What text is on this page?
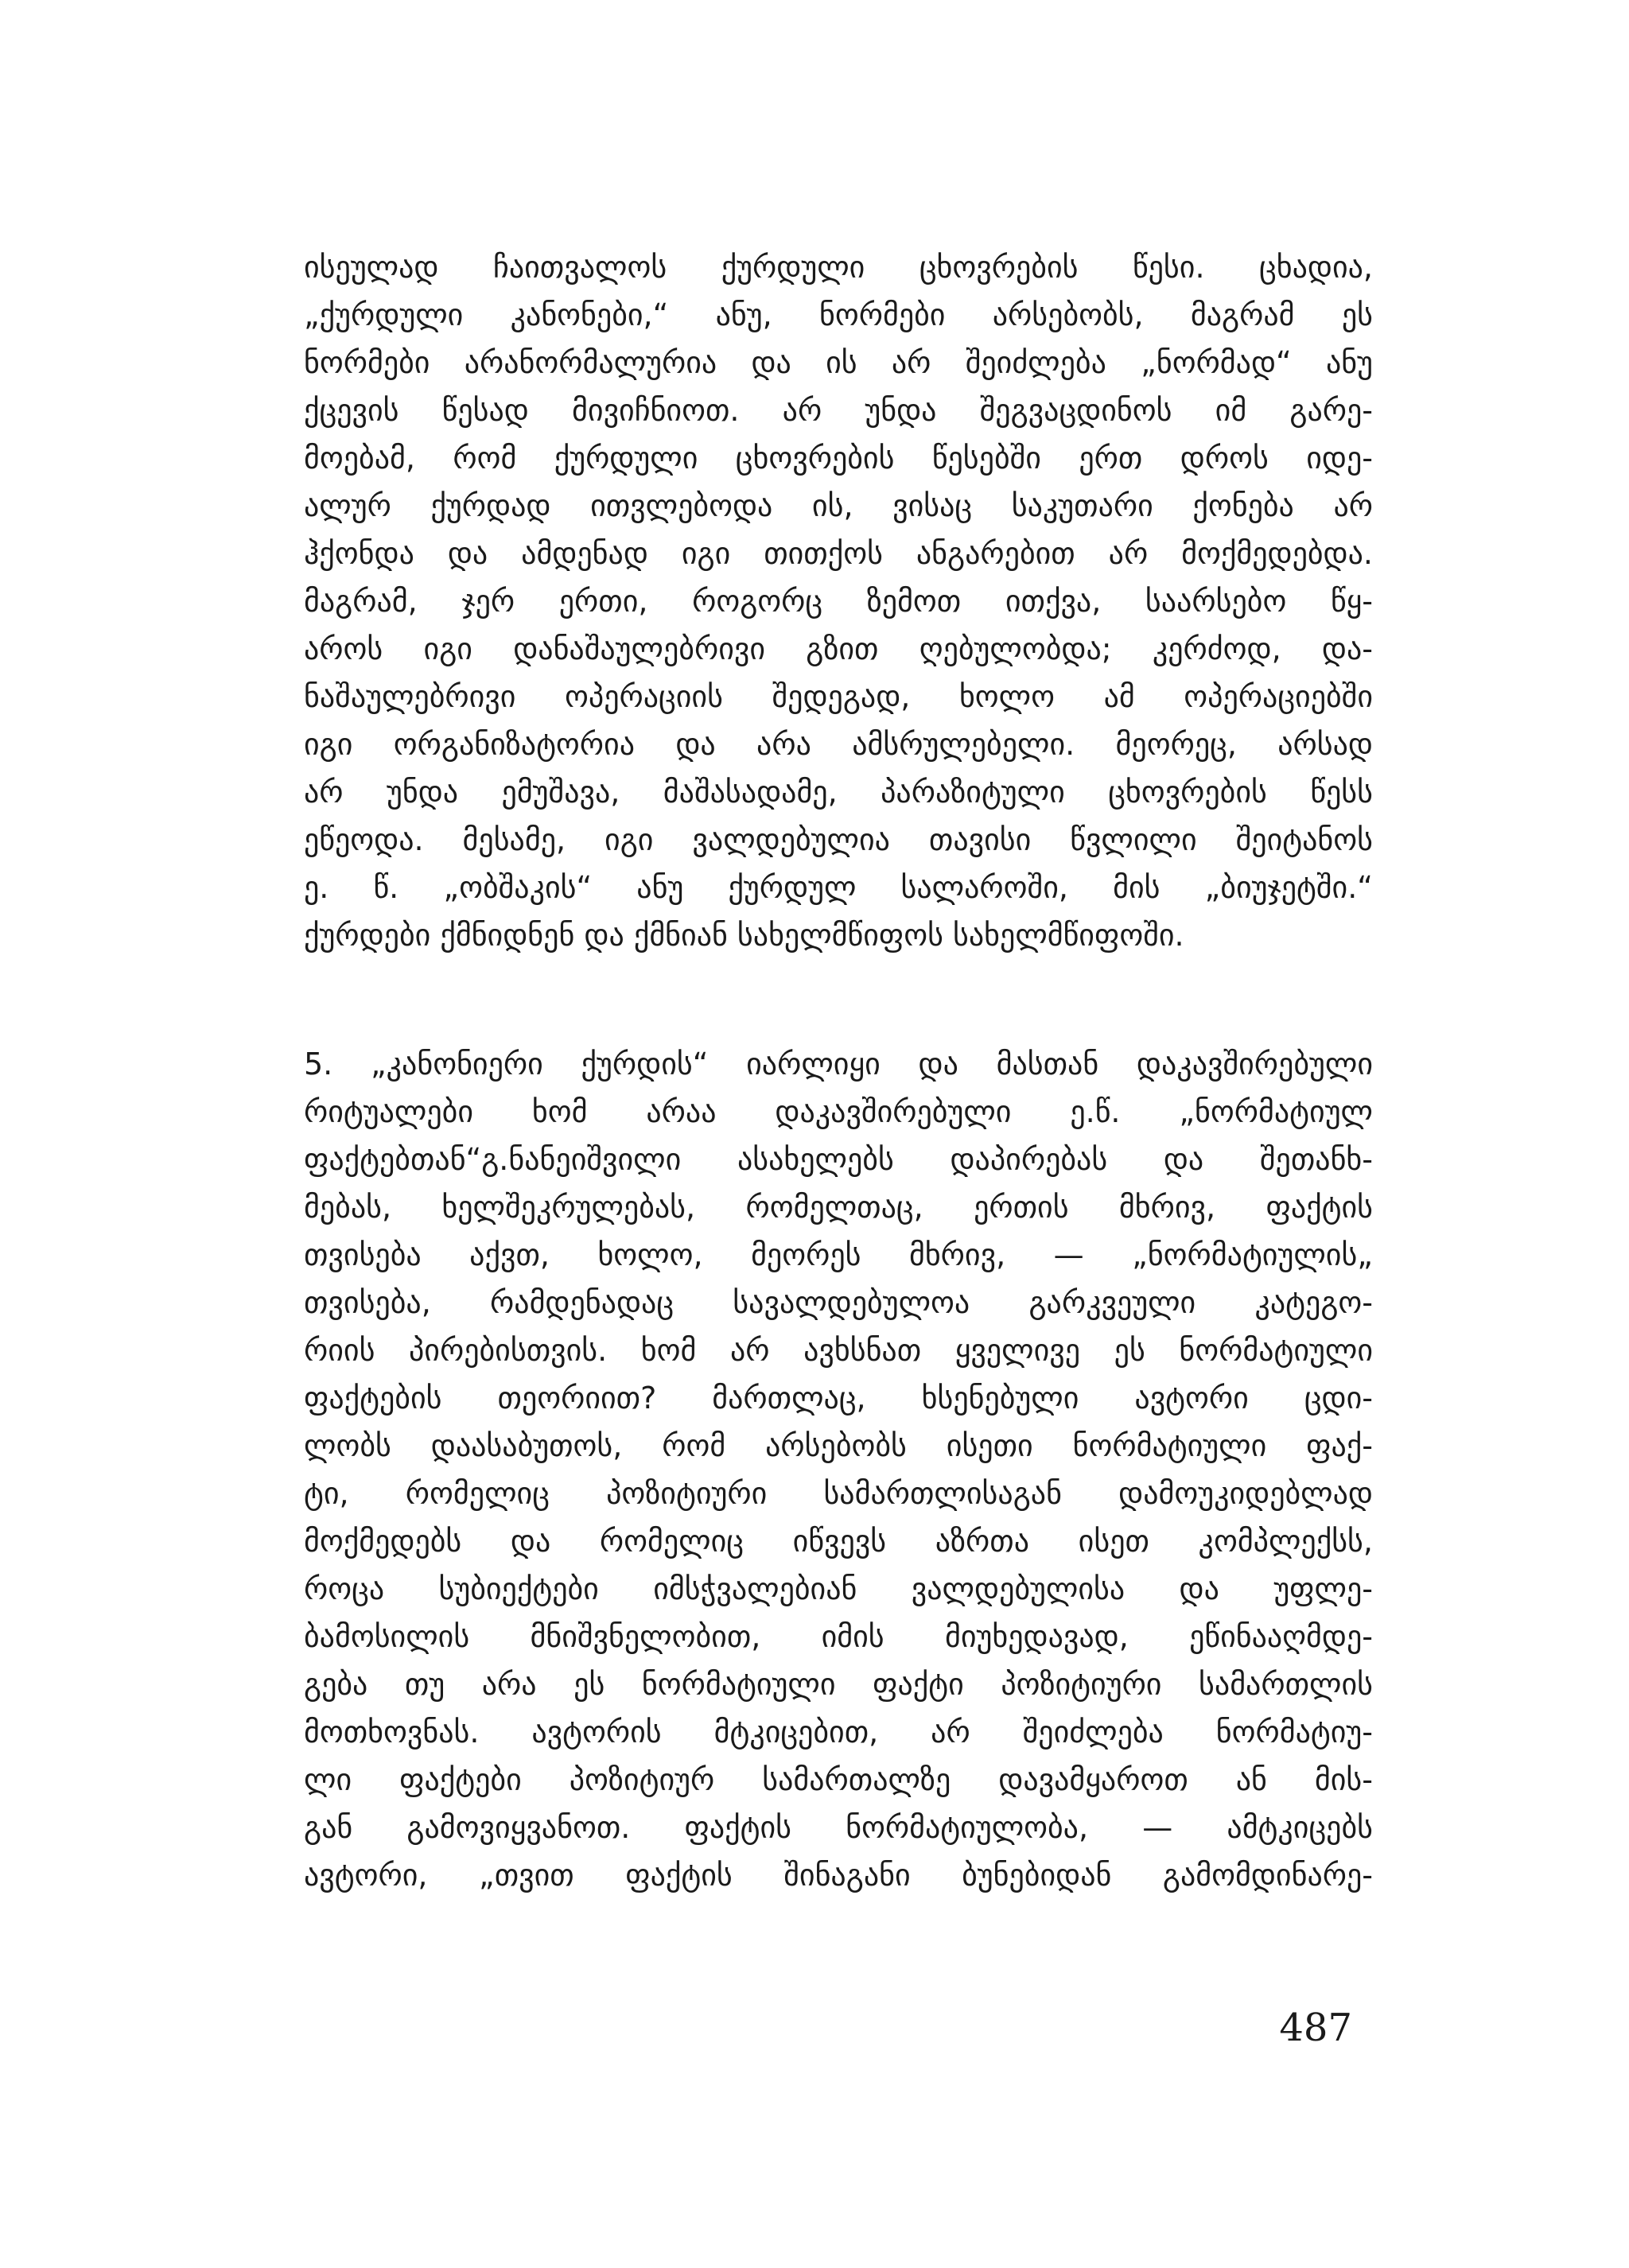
ისეულად ჩაითვალოს ქურდული ცხოვრების წესი. ცხადია,
„ქურდული კანონები,“ ანუ, ნორმები არსებობს, მაგრამ ეს
ნორმები არანორმალურია და ის არ შეიძლება „ნორმად“ ანუ
ქცევის წესად მივიჩნიოთ. არ უნდა შეგვაცდინოს იმ გარე-
მოებამ, რომ ქურდული ცხოვრების წესებში ერთ დროს იდე-
ალურ ქურდად ითვლებოდა ის, ვისაც საკუთარი ქონება არ
ჰქონდა და ამდენად იგი თითქოს ანგარებით არ მოქმედებდა.
მაგრამ, ჯერ ერთი, როგორც ზემოთ ითქვა, საარსებო წყ-
აროს იგი დანაშაულებრივი გზით ღებულობდა; კერძოდ, და-
ნაშაულებრივი ოპერაციის შედეგად, ხოლო ამ ოპერაციებში
იგი ორგანიზატორია და არა ამსრულებელი. მეორეც, არსად
არ უნდა ემუშავა, მაშასადამე, პარაზიტული ცხოვრების წესს
ეწეოდა. მესამე, იგი ვალდებულია თავისი წვლილი შეიტანოს
ე. წ. „ობშაკის“ ანუ ქურდულ სალაროში, მის „ბიუჯეტში.“
ქურდები ქმნიდნენ და ქმნიან სახელმწიფოს სახელმწიფოში.
5. „კანონიერი ქურდის“ იარლიყი და მასთან დაკავშირებული
რიტუალები ხომ არაა დაკავშირებული ე.წ. „ნორმატიულ
ფაქტებთან“გ.ნანეიშვილი ასახელებს დაპირებას და შეთანხ-
მებას, ხელშეკრულებას, რომელთაც, ერთის მხრივ, ფაქტის
თვისება აქვთ, ხოლო, მეორეს მხრივ, — „ნორმატიულის„
თვისება, რამდენადაც სავალდებულოა გარკვეული კატეგო-
რიის პირებისთვის. ხომ არ ავხსნათ ყველივე ეს ნორმატიული
ფაქტების თეორიით? მართლაც, ხსენებული ავტორი ცდი-
ლობს დაასაბუთოს, რომ არსებობს ისეთი ნორმატიული ფაქ-
ტი, რომელიც პოზიტიური სამართლისაგან დამოუკიდებლად
მოქმედებს და რომელიც იწვევს აზრთა ისეთ კომპლექსს,
როცა სუბიექტები იმსჭვალებიან ვალდებულისა და უფლე-
ბამოსილის მნიშვნელობით, იმის მიუხედავად, ეწინააღმდე-
გება თუ არა ეს ნორმატიული ფაქტი პოზიტიური სამართლის
მოთხოვნას. ავტორის მტკიცებით, არ შეიძლება ნორმატიუ-
ლი ფაქტები პოზიტიურ სამართალზე დავამყაროთ ან მის-
გან გამოვიყვანოთ. ფაქტის ნორმატიულობა, — ამტკიცებს
ავტორი, „თვით ფაქტის შინაგანი ბუნებიდან გამომდინარე-
487
